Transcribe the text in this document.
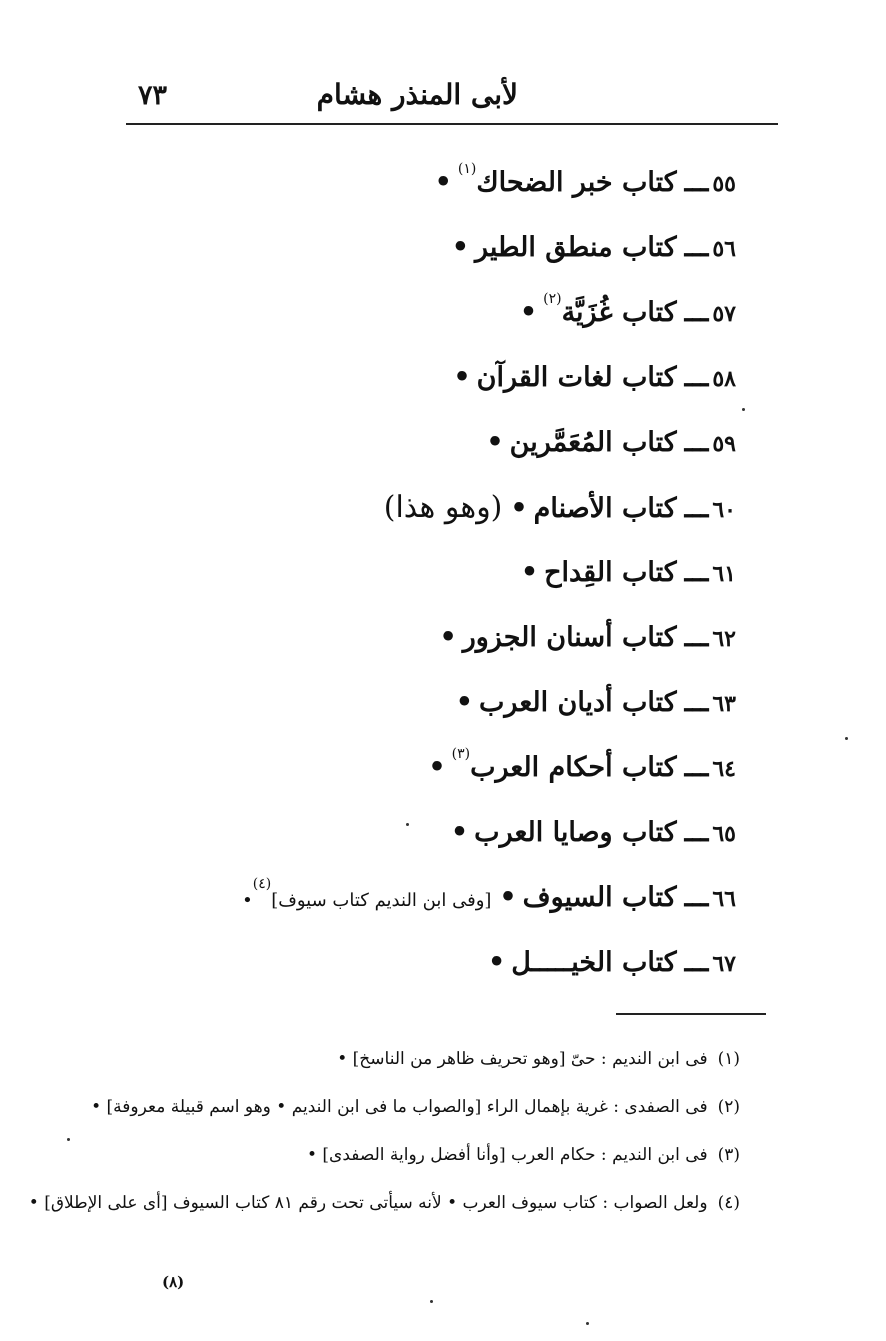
٧٣	لأبى المنذر هشام
٥٥ـــكتاب خبر الضحاك$^{(١)}$•
٥٦ـــكتاب منطق الطير•
٥٧ـــكتاب غُزَيَّة$^{(٢)}$•
٥٨ـــكتاب لغات القرآن•
٥٩ـــكتاب المُعَمَّرين•
٦٠ـــكتاب الأصنام•(وهو هذا)
٦١ـــكتاب القِداح•
٦٢ـــكتاب أسنان الجزور•
٦٣ـــكتاب أديان العرب•
٦٤ـــكتاب أحكام العرب$^{(٣)}$•
٦٥ـــكتاب وصايا العرب•
٦٦ـــكتاب السيوف•[وفى ابن النديم كتاب سيوف]$^{(٤)}$•
٦٧ـــكتاب الخيـــــل•
(١)فى ابن النديم : حىّ [وهو تحريف ظاهر من الناسخ] •
(٢)فى الصفدى : غرية بإهمال الراء [والصواب ما فى ابن النديم • وهو اسم قبيلة معروفة] •
(٣)فى ابن النديم : حكام العرب [وأنا أفضل رواية الصفدى] •
(٤)ولعل الصواب : كتاب سيوف العرب • لأنه سيأتى تحت رقم ٨١ كتاب السيوف [أى على الإطلاق] •
(٨)
